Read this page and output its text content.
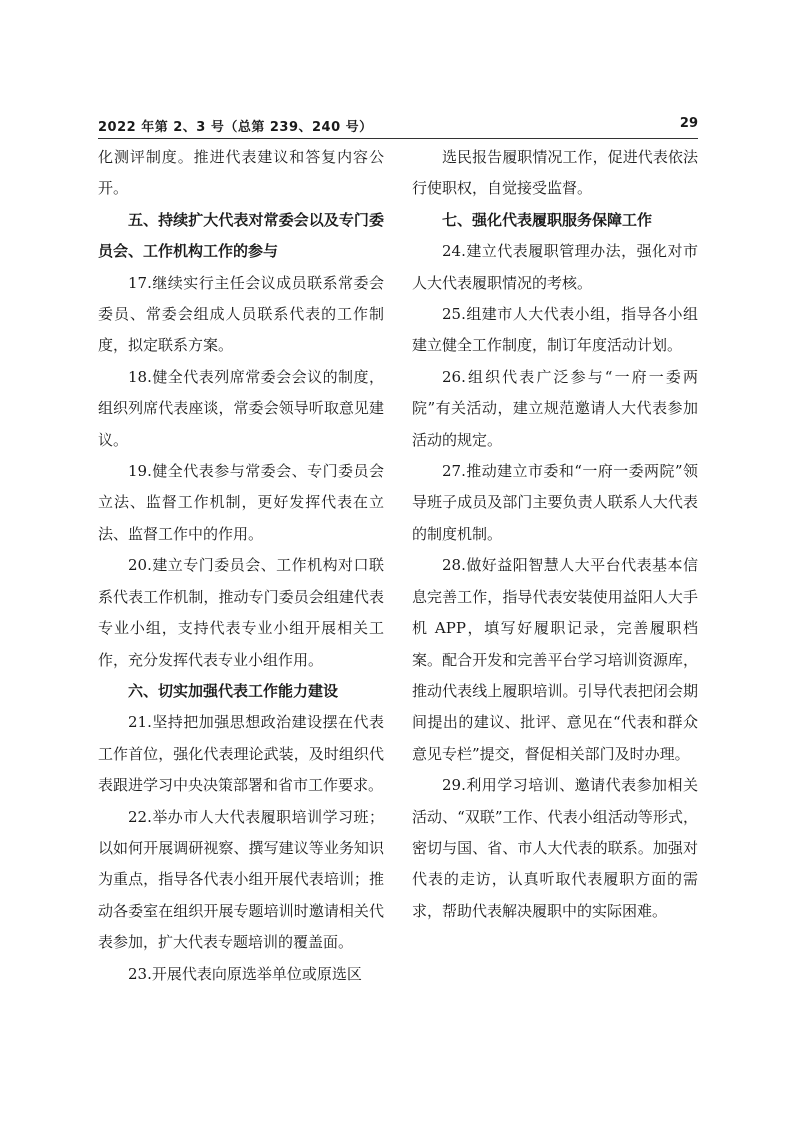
2022 年第 2、3 号（总第 239、240 号）	29

化测评制度。推进代表建议和答复内容公开。

五、持续扩大代表对常委会以及专门委员会、工作机构工作的参与

17.继续实行主任会议成员联系常委会委员、常委会组成人员联系代表的工作制度，拟定联系方案。

18.健全代表列席常委会会议的制度，组织列席代表座谈，常委会领导听取意见建议。

19.健全代表参与常委会、专门委员会立法、监督工作机制，更好发挥代表在立法、监督工作中的作用。

20.建立专门委员会、工作机构对口联系代表工作机制，推动专门委员会组建代表专业小组，支持代表专业小组开展相关工作，充分发挥代表专业小组作用。

六、切实加强代表工作能力建设

21.坚持把加强思想政治建设摆在代表工作首位，强化代表理论武装，及时组织代表跟进学习中央决策部署和省市工作要求。

22.举办市人大代表履职培训学习班；以如何开展调研视察、撰写建议等业务知识为重点，指导各代表小组开展代表培训；推动各委室在组织开展专题培训时邀请相关代表参加，扩大代表专题培训的覆盖面。

23.开展代表向原选举单位或原选区

选民报告履职情况工作，促进代表依法行使职权，自觉接受监督。

七、强化代表履职服务保障工作

24.建立代表履职管理办法，强化对市人大代表履职情况的考核。

25.组建市人大代表小组，指导各小组建立健全工作制度，制订年度活动计划。

26.组织代表广泛参与“一府一委两院”有关活动，建立规范邀请人大代表参加活动的规定。

27.推动建立市委和“一府一委两院”领导班子成员及部门主要负责人联系人大代表的制度机制。

28.做好益阳智慧人大平台代表基本信息完善工作，指导代表安装使用益阳人大手机 APP，填写好履职记录，完善履职档案。配合开发和完善平台学习培训资源库，推动代表线上履职培训。引导代表把闭会期间提出的建议、批评、意见在“代表和群众意见专栏”提交，督促相关部门及时办理。

29.利用学习培训、邀请代表参加相关活动、“双联”工作、代表小组活动等形式，密切与国、省、市人大代表的联系。加强对代表的走访，认真听取代表履职方面的需求，帮助代表解决履职中的实际困难。
